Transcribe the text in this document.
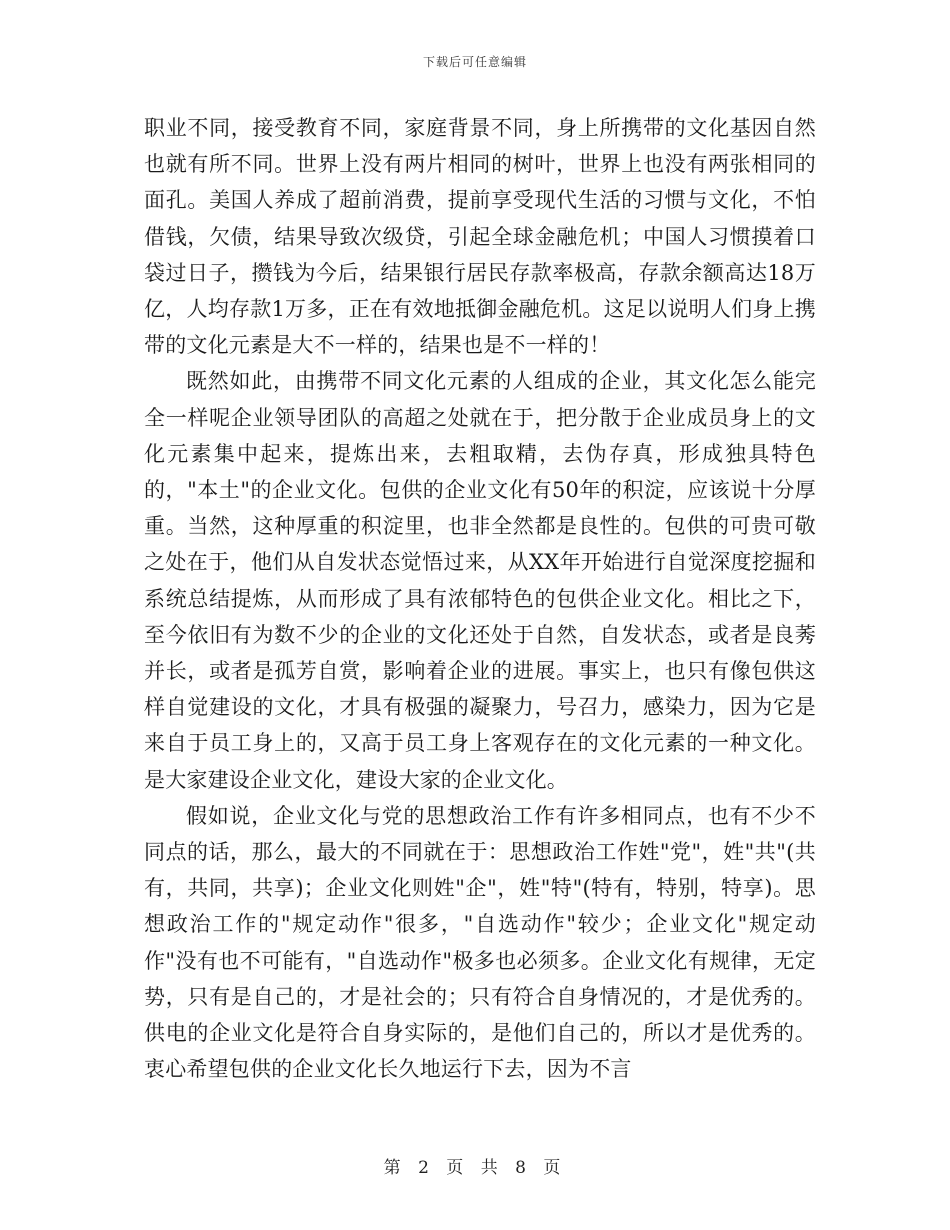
下载后可任意编辑

职业不同，接受教育不同，家庭背景不同，身上所携带的文化基因自然也就有所不同。世界上没有两片相同的树叶，世界上也没有两张相同的面孔。美国人养成了超前消费，提前享受现代生活的习惯与文化，不怕借钱，欠债，结果导致次级贷，引起全球金融危机；中国人习惯摸着口袋过日子，攒钱为今后，结果银行居民存款率极高，存款余额高达18万亿，人均存款1万多，正在有效地抵御金融危机。这足以说明人们身上携带的文化元素是大不一样的，结果也是不一样的！

既然如此，由携带不同文化元素的人组成的企业，其文化怎么能完全一样呢企业领导团队的高超之处就在于，把分散于企业成员身上的文化元素集中起来，提炼出来，去粗取精，去伪存真，形成独具特色的，"本土"的企业文化。包供的企业文化有50年的积淀，应该说十分厚重。当然，这种厚重的积淀里，也非全然都是良性的。包供的可贵可敬之处在于，他们从自发状态觉悟过来，从XX年开始进行自觉深度挖掘和系统总结提炼，从而形成了具有浓郁特色的包供企业文化。相比之下，至今依旧有为数不少的企业的文化还处于自然，自发状态，或者是良莠并长，或者是孤芳自赏，影响着企业的进展。事实上，也只有像包供这样自觉建设的文化，才具有极强的凝聚力，号召力，感染力，因为它是来自于员工身上的，又高于员工身上客观存在的文化元素的一种文化。是大家建设企业文化，建设大家的企业文化。

假如说，企业文化与党的思想政治工作有许多相同点，也有不少不同点的话，那么，最大的不同就在于：思想政治工作姓"党"，姓"共"(共有，共同，共享)；企业文化则姓"企"，姓"特"(特有，特别，特享)。思想政治工作的"规定动作"很多，"自选动作"较少；企业文化"规定动作"没有也不可能有，"自选动作"极多也必须多。企业文化有规律，无定势，只有是自己的，才是社会的；只有符合自身情况的，才是优秀的。供电的企业文化是符合自身实际的，是他们自己的，所以才是优秀的。衷心希望包供的企业文化长久地运行下去，因为不言

第 2 页 共 8 页
